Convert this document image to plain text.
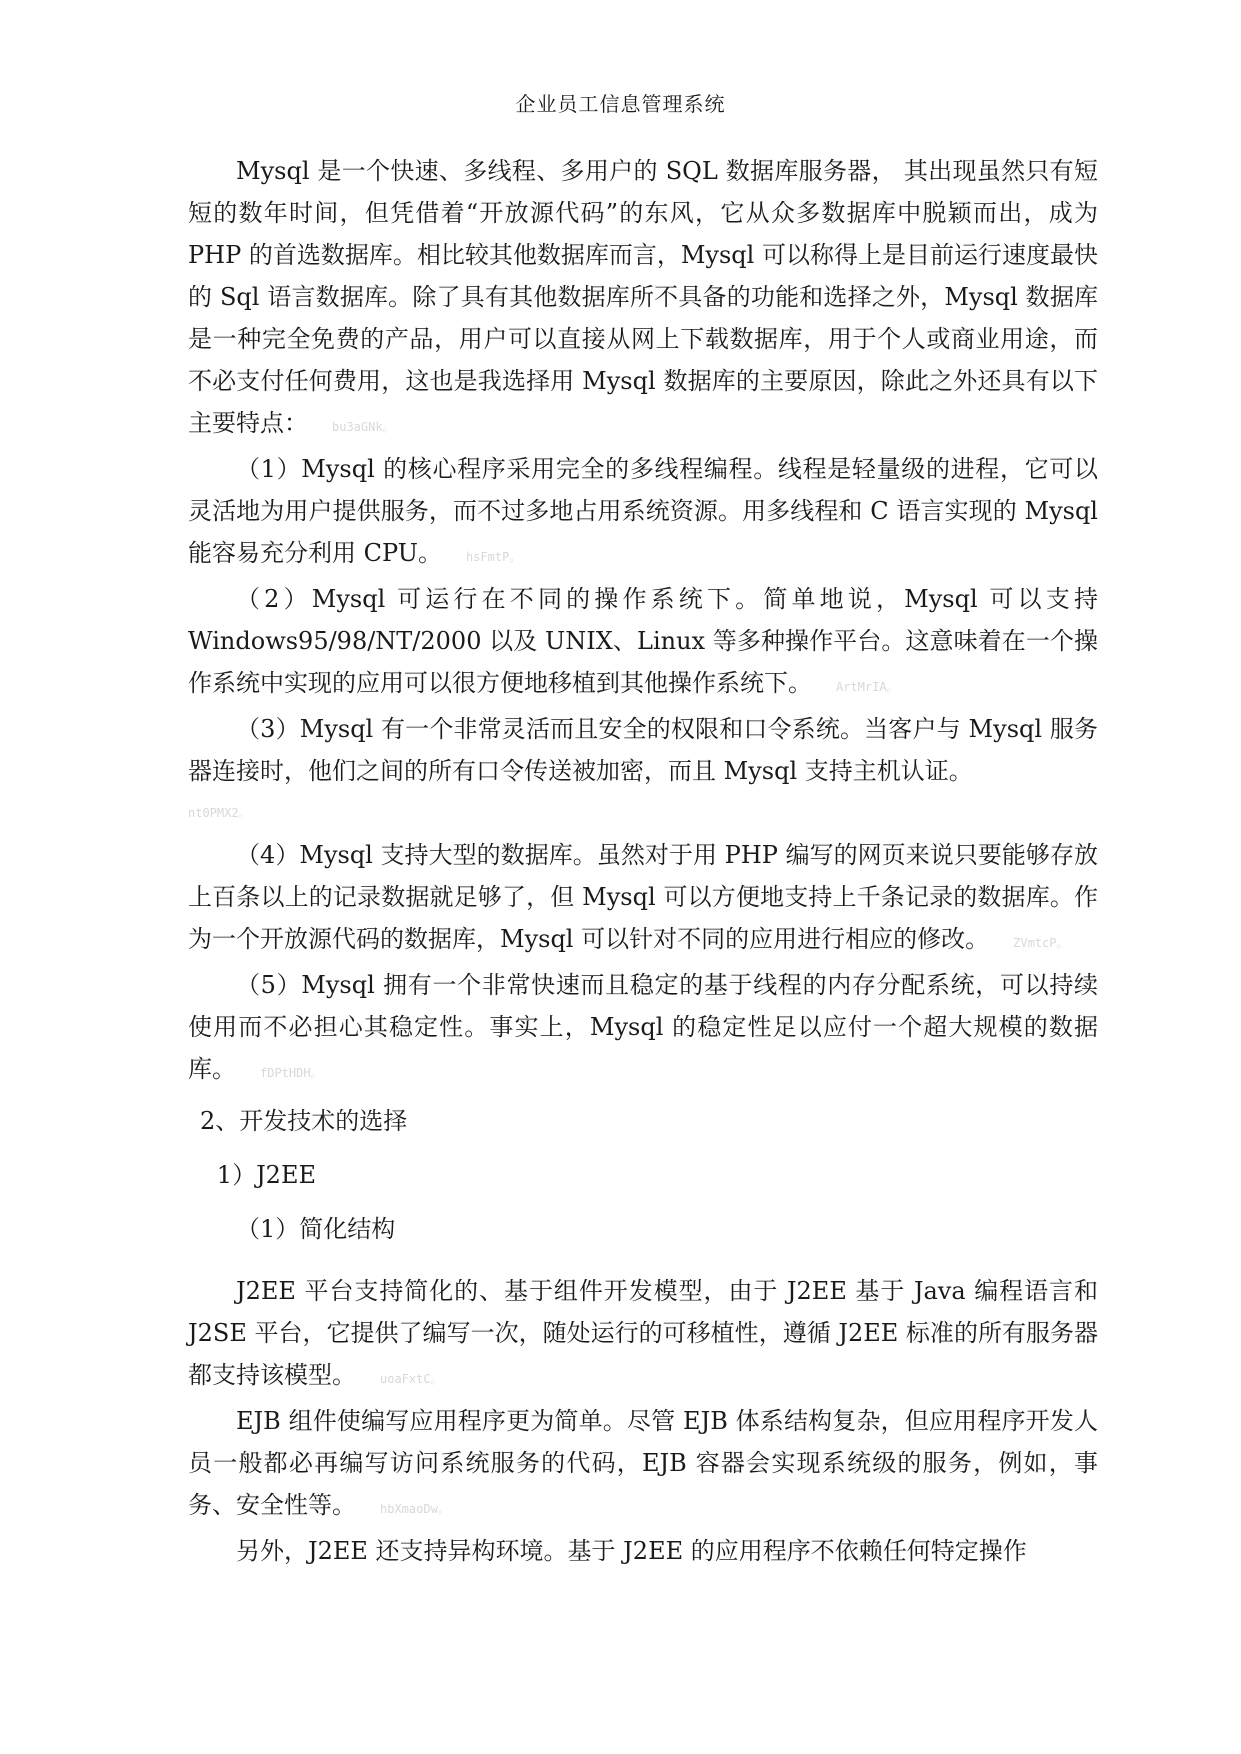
企业员工信息管理系统

Mysql 是一个快速、多线程、多用户的 SQL 数据库服务器， 其出现虽然只有短短的数年时间，但凭借着“开放源代码”的东风，它从众多数据库中脱颖而出，成为 PHP 的首选数据库。相比较其他数据库而言，Mysql 可以称得上是目前运行速度最快的 Sql 语言数据库。除了具有其他数据库所不具备的功能和选择之外，Mysql 数据库是一种完全免费的产品，用户可以直接从网上下载数据库，用于个人或商业用途，而不必支付任何费用，这也是我选择用 Mysql 数据库的主要原因，除此之外还具有以下主要特点： bu3aGNk。

（1）Mysql 的核心程序采用完全的多线程编程。线程是轻量级的进程，它可以灵活地为用户提供服务，而不过多地占用系统资源。用多线程和 C 语言实现的 Mysql 能容易充分利用 CPU。 hsFmtP。

（2）Mysql 可运行在不同的操作系统下。简单地说，Mysql 可以支持 Windows95/98/NT/2000 以及 UNIX、Linux 等多种操作平台。这意味着在一个操作系统中实现的应用可以很方便地移植到其他操作系统下。 ArtMrIA。

（3）Mysql 有一个非常灵活而且安全的权限和口令系统。当客户与 Mysql 服务器连接时，他们之间的所有口令传送被加密，而且 Mysql 支持主机认证。

nt0PMX2。

（4）Mysql 支持大型的数据库。虽然对于用 PHP 编写的网页来说只要能够存放上百条以上的记录数据就足够了，但 Mysql 可以方便地支持上千条记录的数据库。作为一个开放源代码的数据库，Mysql 可以针对不同的应用进行相应的修改。 ZVmtcP。

（5）Mysql 拥有一个非常快速而且稳定的基于线程的内存分配系统，可以持续使用而不必担心其稳定性。事实上，Mysql 的稳定性足以应付一个超大规模的数据库。 fDPtHDH。

2、开发技术的选择
1）J2EE
（1）简化结构

J2EE 平台支持简化的、基于组件开发模型，由于 J2EE 基于 Java 编程语言和 J2SE 平台，它提供了编写一次，随处运行的可移植性，遵循 J2EE 标准的所有服务器都支持该模型。 uoaFxtC。

EJB 组件使编写应用程序更为简单。尽管 EJB 体系结构复杂，但应用程序开发人员一般都必再编写访问系统服务的代码，EJB 容器会实现系统级的服务，例如，事务、安全性等。 hbXmaoDw。

另外，J2EE 还支持异构环境。基于 J2EE 的应用程序不依赖任何特定操作
